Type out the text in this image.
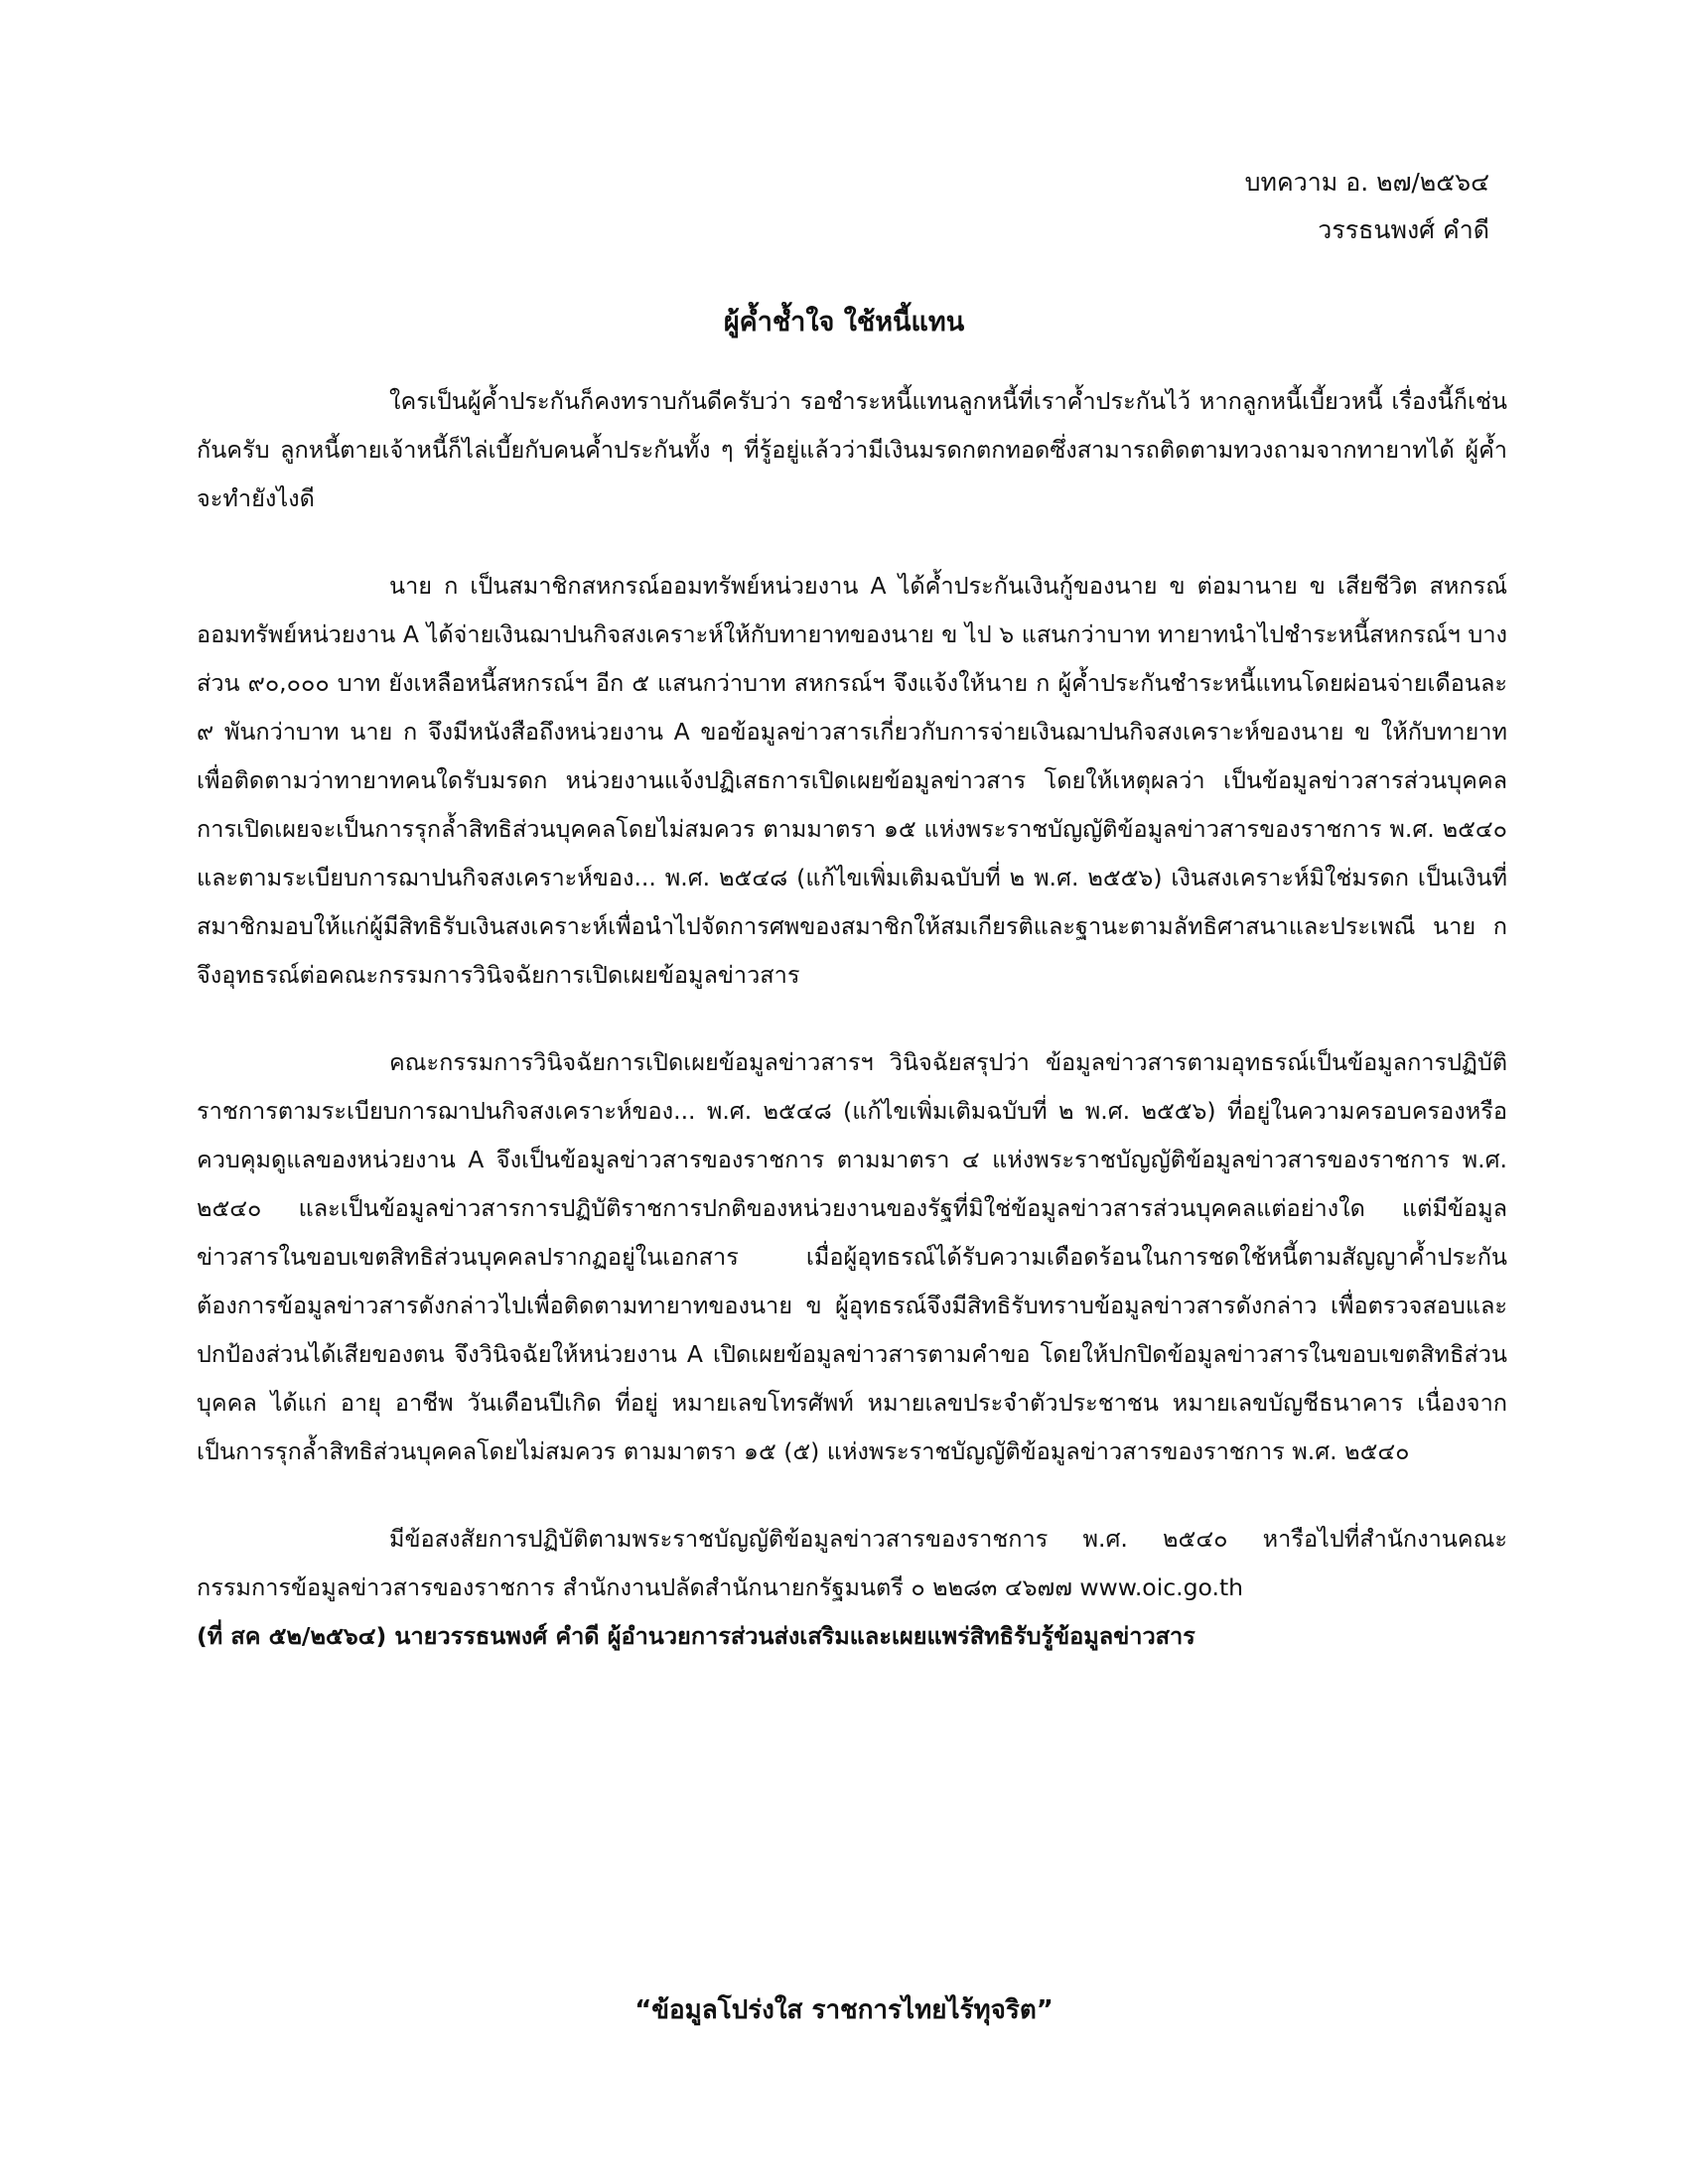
บทความ อ. ๒๗/๒๕๖๔
วรรธนพงศ์ คำดี
ผู้ค้ำช้ำใจ ใช้หนี้แทน

ใครเป็นผู้ค้ำประกันก็คงทราบกันดีครับว่า รอชำระหนี้แทนลูกหนี้ที่เราค้ำประกันไว้ หากลูกหนี้เบี้ยวหนี้ เรื่องนี้ก็เช่นกันครับ ลูกหนี้ตายเจ้าหนี้ก็ไล่เบี้ยกับคนค้ำประกันทั้ง ๆ ที่รู้อยู่แล้วว่ามีเงินมรดกตกทอดซึ่งสามารถติดตามทวงถามจากทายาทได้ ผู้ค้ำจะทำยังไงดี

นาย ก เป็นสมาชิกสหกรณ์ออมทรัพย์หน่วยงาน A ได้ค้ำประกันเงินกู้ของนาย ข ต่อมานาย ข เสียชีวิต สหกรณ์ออมทรัพย์หน่วยงาน A ได้จ่ายเงินฌาปนกิจสงเคราะห์ให้กับทายาทของนาย ข ไป ๖ แสนกว่าบาท ทายาทนำไปชำระหนี้สหกรณ์ฯ บางส่วน ๙๐,๐๐๐ บาท ยังเหลือหนี้สหกรณ์ฯ อีก ๕ แสนกว่าบาท สหกรณ์ฯ จึงแจ้งให้นาย ก ผู้ค้ำประกันชำระหนี้แทนโดยผ่อนจ่ายเดือนละ ๙ พันกว่าบาท นาย ก จึงมีหนังสือถึงหน่วยงาน A ขอข้อมูลข่าวสารเกี่ยวกับการจ่ายเงินฌาปนกิจสงเคราะห์ของนาย ข ให้กับทายาท เพื่อติดตามว่าทายาทคนใดรับมรดก หน่วยงานแจ้งปฏิเสธการเปิดเผยข้อมูลข่าวสาร โดยให้เหตุผลว่า เป็นข้อมูลข่าวสารส่วนบุคคล การเปิดเผยจะเป็นการรุกล้ำสิทธิส่วนบุคคลโดยไม่สมควร ตามมาตรา ๑๕ แห่งพระราชบัญญัติข้อมูลข่าวสารของราชการ พ.ศ. ๒๕๔๐ และตามระเบียบการฌาปนกิจสงเคราะห์ของ... พ.ศ. ๒๕๔๘ (แก้ไขเพิ่มเติมฉบับที่ ๒ พ.ศ. ๒๕๕๖) เงินสงเคราะห์มิใช่มรดก เป็นเงินที่สมาชิกมอบให้แก่ผู้มีสิทธิรับเงินสงเคราะห์เพื่อนำไปจัดการศพของสมาชิกให้สมเกียรติและฐานะตามลัทธิศาสนาและประเพณี นาย ก จึงอุทธรณ์ต่อคณะกรรมการวินิจฉัยการเปิดเผยข้อมูลข่าวสาร

คณะกรรมการวินิจฉัยการเปิดเผยข้อมูลข่าวสารฯ วินิจฉัยสรุปว่า ข้อมูลข่าวสารตามอุทธรณ์เป็นข้อมูลการปฏิบัติราชการตามระเบียบการฌาปนกิจสงเคราะห์ของ... พ.ศ. ๒๕๔๘ (แก้ไขเพิ่มเติมฉบับที่ ๒ พ.ศ. ๒๕๕๖) ที่อยู่ในความครอบครองหรือควบคุมดูแลของหน่วยงาน A จึงเป็นข้อมูลข่าวสารของราชการ ตามมาตรา ๔ แห่งพระราชบัญญัติข้อมูลข่าวสารของราชการ พ.ศ. ๒๕๔๐ และเป็นข้อมูลข่าวสารการปฏิบัติราชการปกติของหน่วยงานของรัฐที่มิใช่ข้อมูลข่าวสารส่วนบุคคลแต่อย่างใด แต่มีข้อมูลข่าวสารในขอบเขตสิทธิส่วนบุคคลปรากฏอยู่ในเอกสาร เมื่อผู้อุทธรณ์ได้รับความเดือดร้อนในการชดใช้หนี้ตามสัญญาค้ำประกัน ต้องการข้อมูลข่าวสารดังกล่าวไปเพื่อติดตามทายาทของนาย ข ผู้อุทธรณ์จึงมีสิทธิรับทราบข้อมูลข่าวสารดังกล่าว เพื่อตรวจสอบและปกป้องส่วนได้เสียของตน จึงวินิจฉัยให้หน่วยงาน A เปิดเผยข้อมูลข่าวสารตามคำขอ โดยให้ปกปิดข้อมูลข่าวสารในขอบเขตสิทธิส่วนบุคคล ได้แก่ อายุ อาชีพ วันเดือนปีเกิด ที่อยู่ หมายเลขโทรศัพท์ หมายเลขประจำตัวประชาชน หมายเลขบัญชีธนาคาร เนื่องจากเป็นการรุกล้ำสิทธิส่วนบุคคลโดยไม่สมควร ตามมาตรา ๑๕ (๕) แห่งพระราชบัญญัติข้อมูลข่าวสารของราชการ พ.ศ. ๒๕๔๐

มีข้อสงสัยการปฏิบัติตามพระราชบัญญัติข้อมูลข่าวสารของราชการ พ.ศ. ๒๕๔๐ หารือไปที่สำนักงานคณะกรรมการข้อมูลข่าวสารของราชการ สำนักงานปลัดสำนักนายกรัฐมนตรี ๐ ๒๒๘๓ ๔๖๗๗ www.oic.go.th

(ที่ สค ๕๒/๒๕๖๔) นายวรรธนพงศ์ คำดี ผู้อำนวยการส่วนส่งเสริมและเผยแพร่สิทธิรับรู้ข้อมูลข่าวสาร

“ข้อมูลโปร่งใส ราชการไทยไร้ทุจริต”
